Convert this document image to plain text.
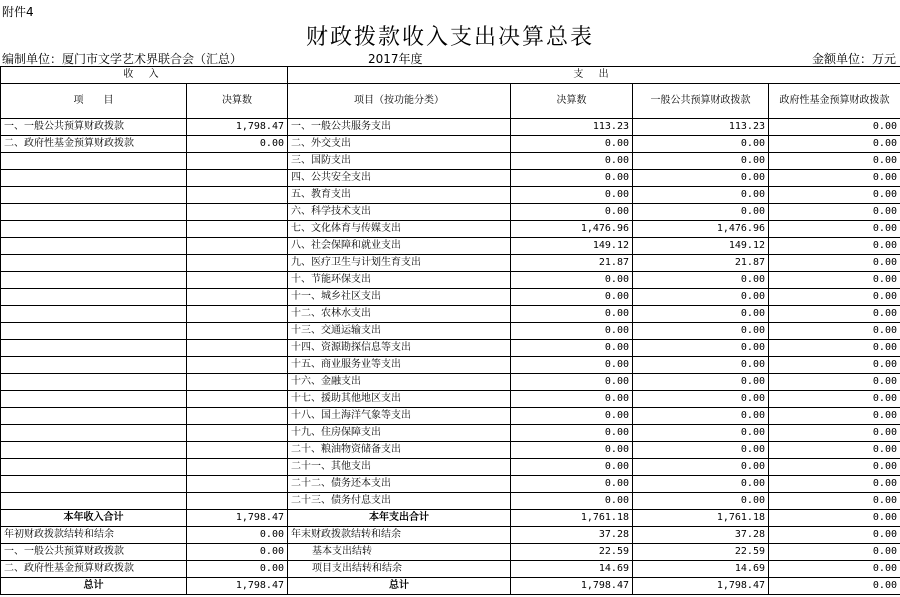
附件4
财政拨款收入支出决算总表
编制单位：厦门市文学艺术界联合会（汇总）	2017年度	金额单位：万元
收 入		支 出			
项　　目	决算数	项目（按功能分类）	决算数	一般公共预算财政拨款	政府性基金预算财政拨款
一、一般公共预算财政拨款	1,798.47	一、一般公共服务支出	113.23	113.23	0.00
二、政府性基金预算财政拨款	0.00	二、外交支出	0.00	0.00	0.00
		三、国防支出	0.00	0.00	0.00
		四、公共安全支出	0.00	0.00	0.00
		五、教育支出	0.00	0.00	0.00
		六、科学技术支出	0.00	0.00	0.00
		七、文化体育与传媒支出	1,476.96	1,476.96	0.00
		八、社会保障和就业支出	149.12	149.12	0.00
		九、医疗卫生与计划生育支出	21.87	21.87	0.00
		十、节能环保支出	0.00	0.00	0.00
		十一、城乡社区支出	0.00	0.00	0.00
		十二、农林水支出	0.00	0.00	0.00
		十三、交通运输支出	0.00	0.00	0.00
		十四、资源勘探信息等支出	0.00	0.00	0.00
		十五、商业服务业等支出	0.00	0.00	0.00
		十六、金融支出	0.00	0.00	0.00
		十七、援助其他地区支出	0.00	0.00	0.00
		十八、国土海洋气象等支出	0.00	0.00	0.00
		十九、住房保障支出	0.00	0.00	0.00
		二十、粮油物资储备支出	0.00	0.00	0.00
		二十一、其他支出	0.00	0.00	0.00
		二十二、债务还本支出	0.00	0.00	0.00
		二十三、债务付息支出	0.00	0.00	0.00
本年收入合计	1,798.47	本年支出合计	1,761.18	1,761.18	0.00
年初财政拨款结转和结余	0.00	年末财政拨款结转和结余	37.28	37.28	0.00
一、一般公共预算财政拨款	0.00	基本支出结转	22.59	22.59	0.00
二、政府性基金预算财政拨款	0.00	项目支出结转和结余	14.69	14.69	0.00
总计	1,798.47	总计	1,798.47	1,798.47	0.00
